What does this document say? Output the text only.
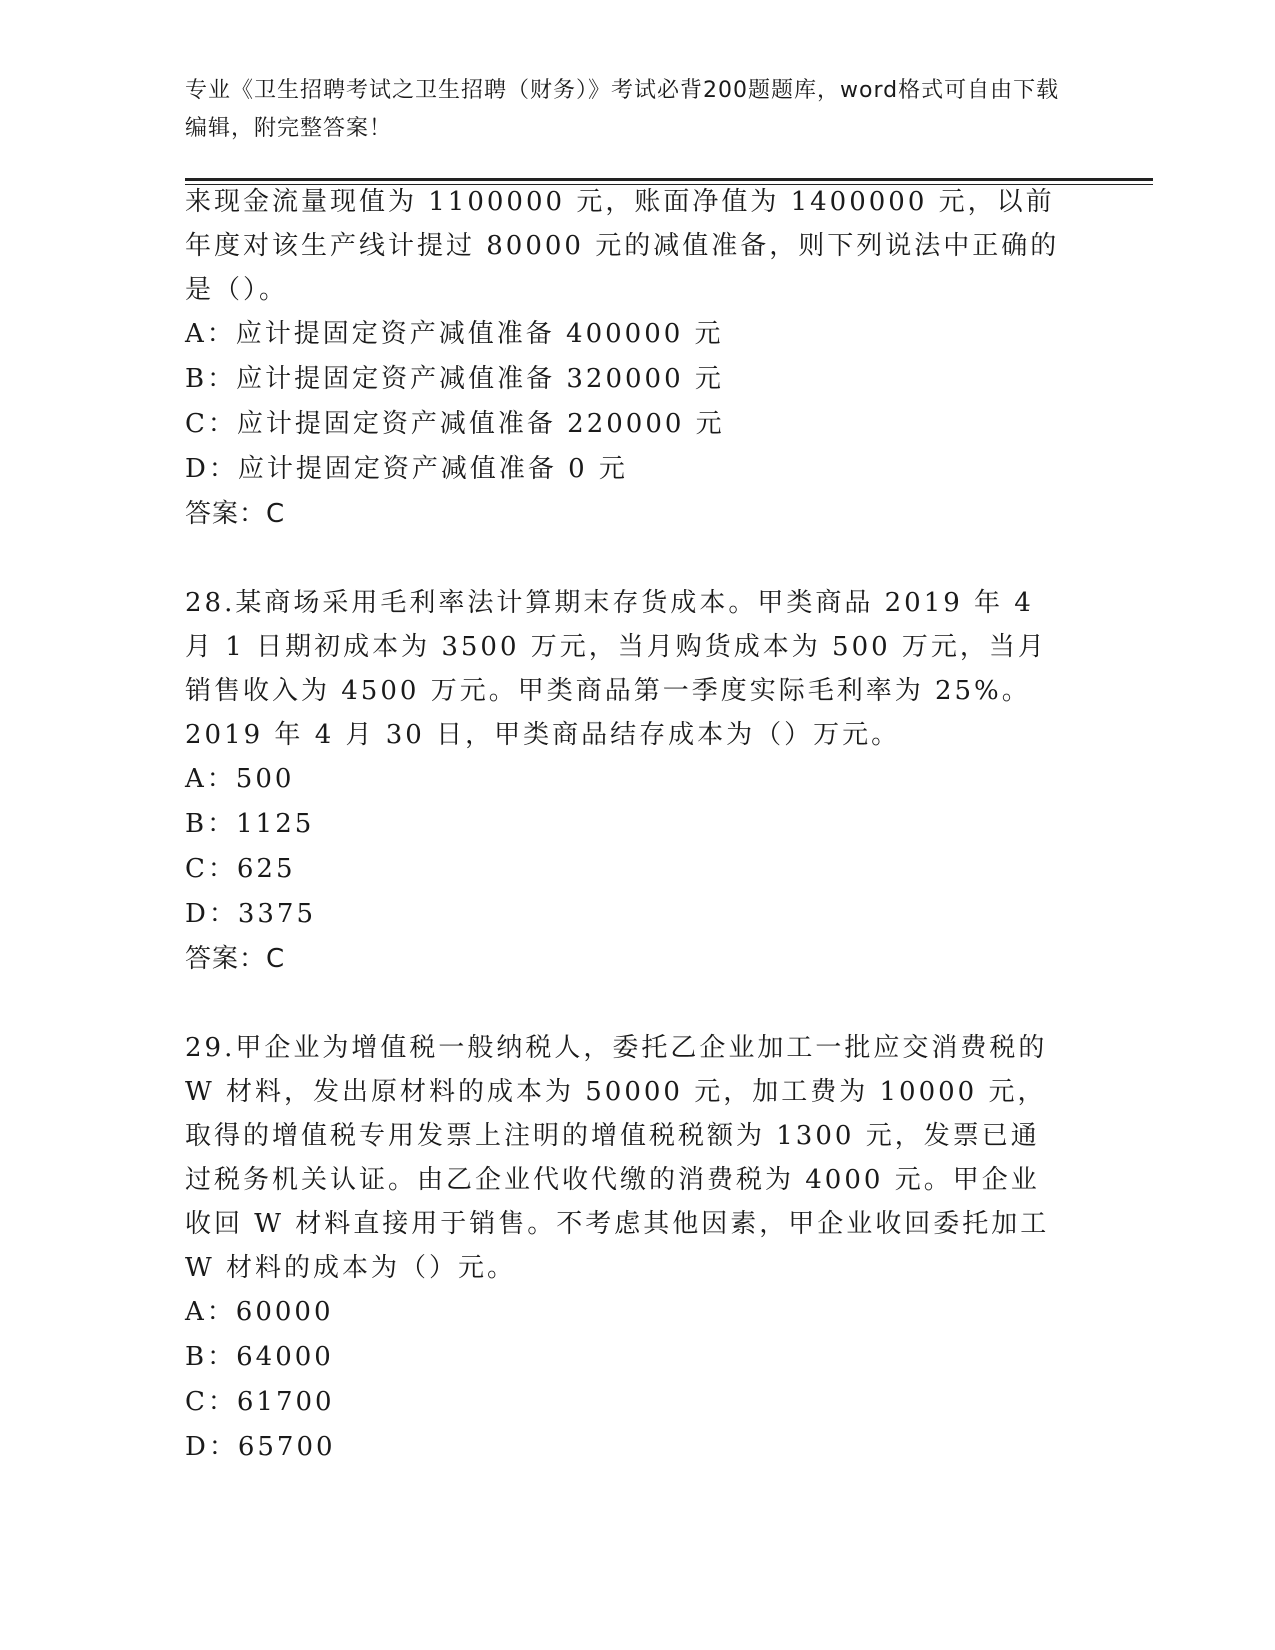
专业《卫生招聘考试之卫生招聘（财务）》考试必背200题题库，word格式可自由下载编辑，附完整答案！
来现金流量现值为 1100000 元，账面净值为 1400000 元，以前年度对该生产线计提过 80000 元的减值准备，则下列说法中正确的是（）。
A：应计提固定资产减值准备 400000 元
B：应计提固定资产减值准备 320000 元
C：应计提固定资产减值准备 220000 元
D：应计提固定资产减值准备 0 元
答案：C
28.某商场采用毛利率法计算期末存货成本。甲类商品 2019 年 4 月 1 日期初成本为 3500 万元，当月购货成本为 500 万元，当月销售收入为 4500 万元。甲类商品第一季度实际毛利率为 25%。2019 年 4 月 30 日，甲类商品结存成本为（）万元。
A：500
B：1125
C：625
D：3375
答案：C
29.甲企业为增值税一般纳税人，委托乙企业加工一批应交消费税的 W 材料，发出原材料的成本为 50000 元，加工费为 10000 元，取得的增值税专用发票上注明的增值税税额为 1300 元，发票已通过税务机关认证。由乙企业代收代缴的消费税为 4000 元。甲企业收回 W 材料直接用于销售。不考虑其他因素，甲企业收回委托加工 W 材料的成本为（）元。
A：60000
B：64000
C：61700
D：65700
